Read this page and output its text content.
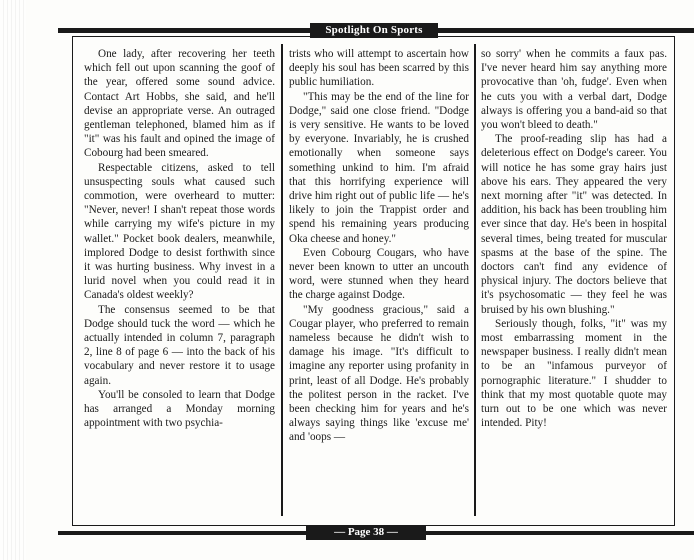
Spotlight On Sports

One lady, after recovering her teeth which fell out upon scanning the goof of the year, offered some sound advice. Contact Art Hobbs, she said, and he'll devise an appropriate verse. An outraged gentleman telephoned, blamed him as if "it" was his fault and opined the image of Cobourg had been smeared.

Respectable citizens, asked to tell unsuspecting souls what caused such commotion, were overheard to mutter: "Never, never! I shan't repeat those words while carrying my wife's picture in my wallet." Pocket book dealers, meanwhile, implored Dodge to desist forthwith since it was hurting business. Why invest in a lurid novel when you could read it in Canada's oldest weekly?

The consensus seemed to be that Dodge should tuck the word — which he actually intended in column 7, paragraph 2, line 8 of page 6 — into the back of his vocabulary and never restore it to usage again.

You'll be consoled to learn that Dodge has arranged a Monday morning appointment with two psychia-

trists who will attempt to ascertain how deeply his soul has been scarred by this public humiliation.

"This may be the end of the line for Dodge," said one close friend. "Dodge is very sensitive. He wants to be loved by everyone. Invariably, he is crushed emotionally when someone says something unkind to him. I'm afraid that this horrifying experience will drive him right out of public life — he's likely to join the Trappist order and spend his remaining years producing Oka cheese and honey."

Even Cobourg Cougars, who have never been known to utter an uncouth word, were stunned when they heard the charge against Dodge.

"My goodness gracious," said a Cougar player, who preferred to remain nameless because he didn't wish to damage his image. "It's difficult to imagine any reporter using profanity in print, least of all Dodge. He's probably the politest person in the racket. I've been checking him for years and he's always saying things like 'excuse me' and 'oops —

so sorry' when he commits a faux pas. I've never heard him say anything more provocative than 'oh, fudge'. Even when he cuts you with a verbal dart, Dodge always is offering you a band-aid so that you won't bleed to death."

The proof-reading slip has had a deleterious effect on Dodge's career. You will notice he has some gray hairs just above his ears. They appeared the very next morning after "it" was detected. In addition, his back has been troubling him ever since that day. He's been in hospital several times, being treated for muscular spasms at the base of the spine. The doctors can't find any evidence of physical injury. The doctors believe that it's psychosomatic — they feel he was bruised by his own blushing."

Seriously though, folks, "it" was my most embarrassing moment in the newspaper business. I really didn't mean to be an "infamous purveyor of pornographic literature." I shudder to think that my most quotable quote may turn out to be one which was never intended. Pity!

— Page 38 —
